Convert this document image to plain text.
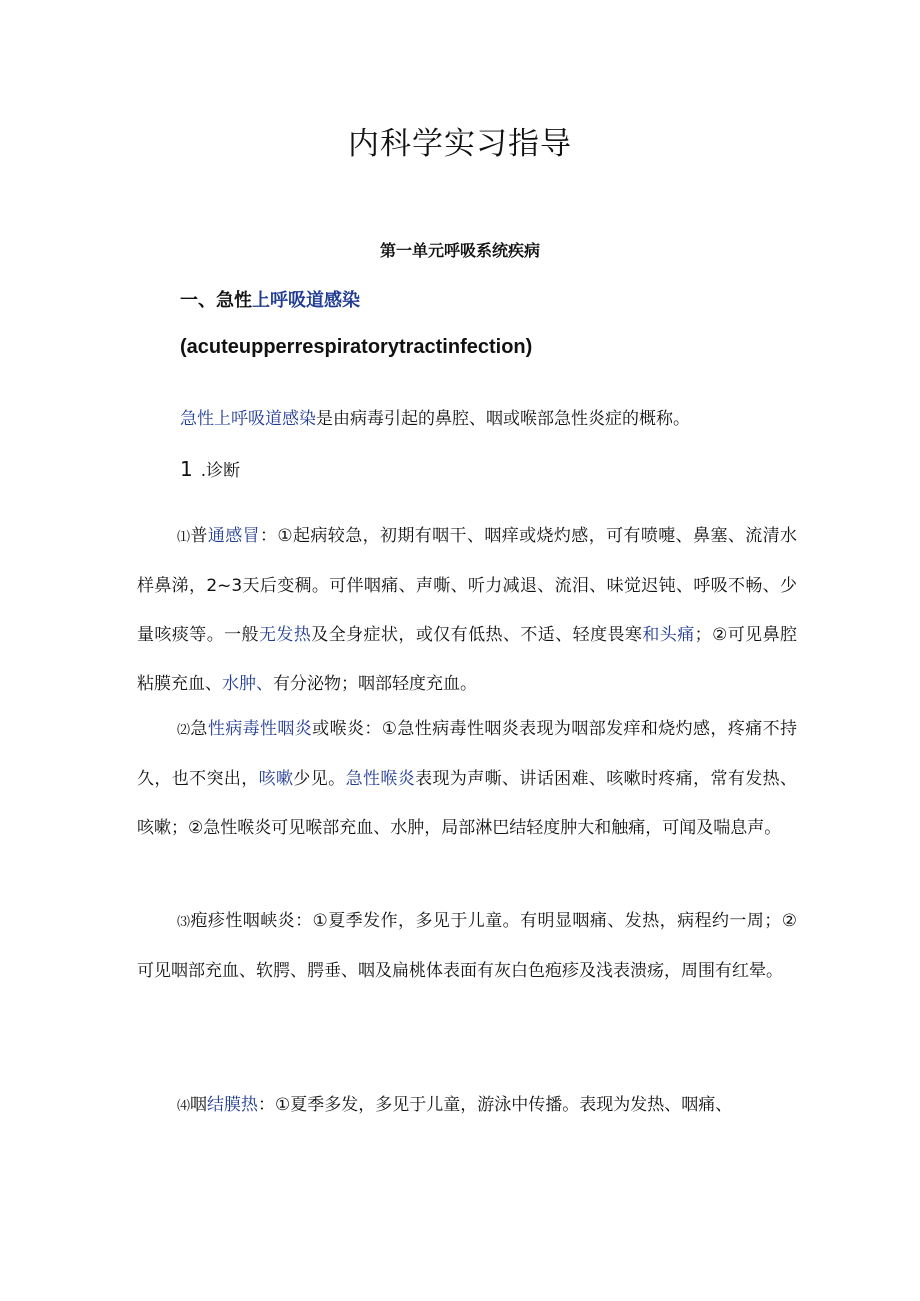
内科学实习指导
第一单元呼吸系统疾病
一、急性上呼吸道感染
(acuteupperrespiratorytractinfection)
急性上呼吸道感染是由病毒引起的鼻腔、咽或喉部急性炎症的概称。
1 .诊断
⑴普通感冒：①起病较急，初期有咽干、咽痒或烧灼感，可有喷嚏、鼻塞、流清水样鼻涕，2~3天后变稠。可伴咽痛、声嘶、听力减退、流泪、味觉迟钝、呼吸不畅、少量咳痰等。一般无发热及全身症状，或仅有低热、不适、轻度畏寒和头痛；②可见鼻腔粘膜充血、水肿、有分泌物；咽部轻度充血。
⑵急性病毒性咽炎或喉炎：①急性病毒性咽炎表现为咽部发痒和烧灼感，疼痛不持久，也不突出，咳嗽少见。急性喉炎表现为声嘶、讲话困难、咳嗽时疼痛，常有发热、咳嗽；②急性喉炎可见喉部充血、水肿，局部淋巴结轻度肿大和触痛，可闻及喘息声。
⑶疱疹性咽峡炎：①夏季发作，多见于儿童。有明显咽痛、发热，病程约一周；②可见咽部充血、软腭、腭垂、咽及扁桃体表面有灰白色疱疹及浅表溃疡，周围有红晕。
⑷咽结膜热：①夏季多发，多见于儿童，游泳中传播。表现为发热、咽痛、
